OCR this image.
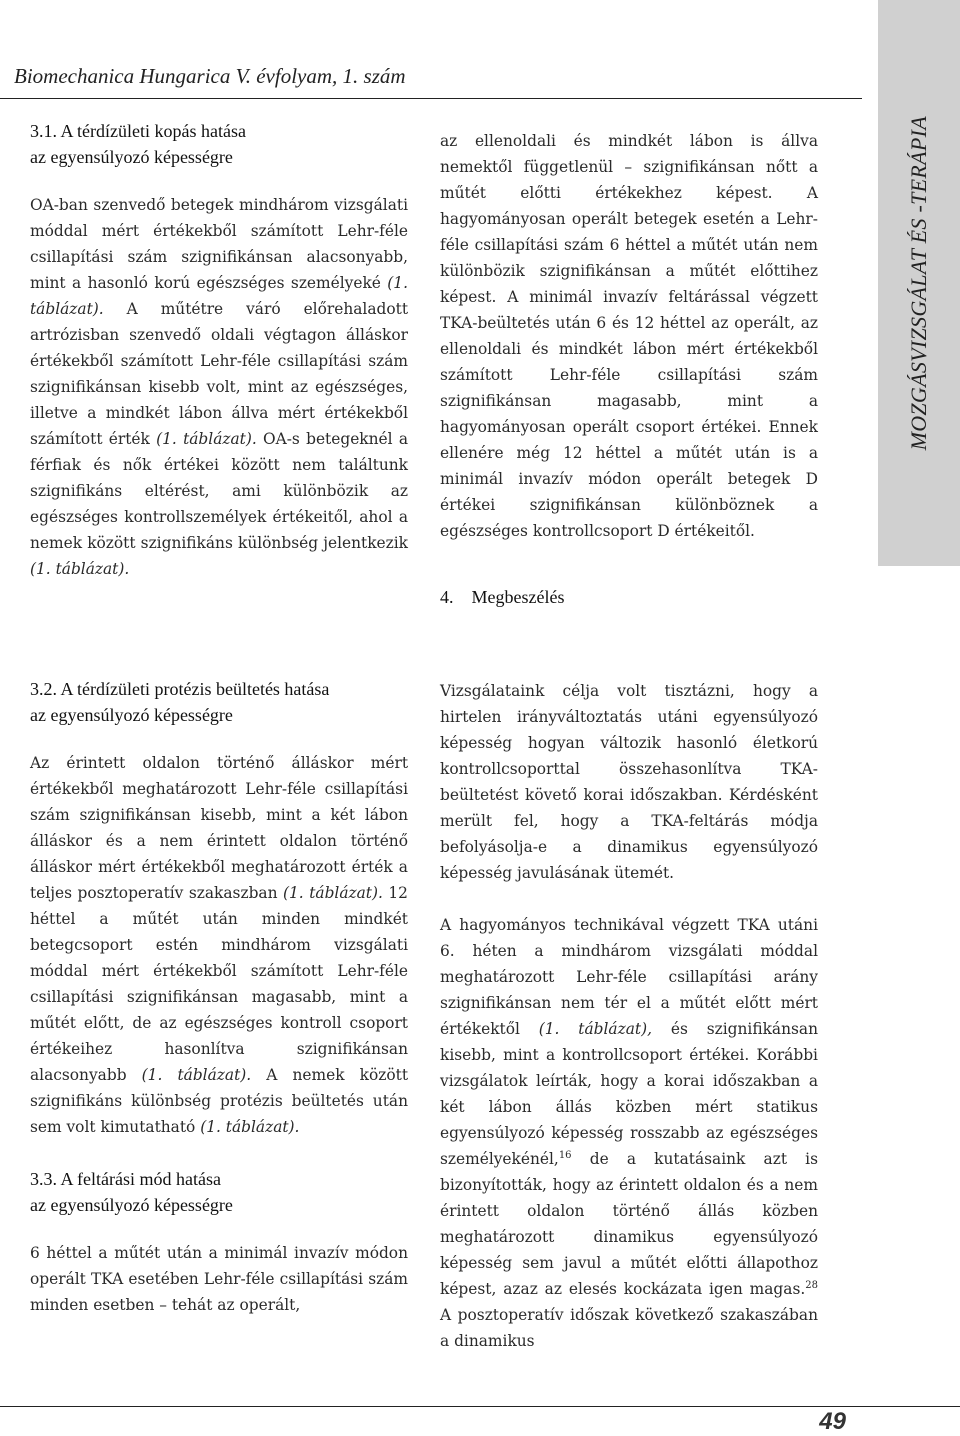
Biomechanica Hungarica V. évfolyam, 1. szám
MOZGÁSVIZSGÁLAT ÉS -TERÁPIA
3.1. A térdízületi kopás hatása
az egyensúlyozó képességre

OA-ban szenvedő betegek mindhárom vizsgálati móddal mért értékekből számított Lehr-féle csillapítási szám szignifikánsan alacsonyabb, mint a hasonló korú egészséges személyeké (1. táblázat). A műtétre váró előrehaladott artrózisban szenvedő oldali végtagon álláskor értékekből számított Lehr-féle csillapítási szám szignifikánsan kisebb volt, mint az egészséges, illetve a mindkét lábon állva mért értékekből számított érték (1. táblázat). OA-s betegeknél a férfiak és nők értékei között nem találtunk szignifikáns eltérést, ami különbözik az egészséges kontrollszemélyek értékeitől, ahol a nemek között szignifikáns különbség jelentkezik (1. táblázat).

3.2. A térdízületi protézis beültetés hatása
az egyensúlyozó képességre

Az érintett oldalon történő álláskor mért értékekből meghatározott Lehr-féle csillapítási szám szignifikánsan kisebb, mint a két lábon álláskor és a nem érintett oldalon történő álláskor mért értékekből meghatározott érték a teljes posztoperatív szakaszban (1. táblázat). 12 héttel a műtét után minden mindkét betegcsoport estén mindhárom vizsgálati móddal mért értékekből számított Lehr-féle csillapítási szignifikánsan magasabb, mint a műtét előtt, de az egészséges kontroll csoport értékeihez hasonlítva szignifikánsan alacsonyabb (1. táblázat). A nemek között szignifikáns különbség protézis beültetés után sem volt kimutatható (1. táblázat).

3.3. A feltárási mód hatása
az egyensúlyozó képességre

6 héttel a műtét után a minimál invazív módon operált TKA esetében Lehr-féle csillapítási szám minden esetben – tehát az operált,

az ellenoldali és mindkét lábon is állva nemektől függetlenül – szignifikánsan nőtt a műtét előtti értékekhez képest. A hagyományosan operált betegek esetén a Lehr-féle csillapítási szám 6 héttel a műtét után nem különbözik szignifikánsan a műtét előttihez képest. A minimál invazív feltárással végzett TKA-beültetés után 6 és 12 héttel az operált, az ellenoldali és mindkét lábon mért értékekből számított Lehr-féle csillapítási szám szignifikánsan magasabb, mint a hagyományosan operált csoport értékei. Ennek ellenére még 12 héttel a műtét után is a minimál invazív módon operált betegek D értékei szignifikánsan különböznek a egészséges kontrollcsoport D értékeitől.

4.    Megbeszélés

Vizsgálataink célja volt tisztázni, hogy a hirtelen irányváltoztatás utáni egyensúlyozó képesség hogyan változik hasonló életkorú kontrollcsoporttal összehasonlítva TKA-beültetést követő korai időszakban. Kérdésként merült fel, hogy a TKA-feltárás módja befolyásolja-e a dinamikus egyensúlyozó képesség javulásának ütemét.

A hagyományos technikával végzett TKA utáni 6. héten a mindhárom vizsgálati móddal meghatározott Lehr-féle csillapítási arány szignifikánsan nem tér el a műtét előtt mért értékektől (1. táblázat), és szignifikánsan kisebb, mint a kontrollcsoport értékei. Korábbi vizsgálatok leírták, hogy a korai időszakban a két lábon állás közben mért statikus egyensúlyozó képesség rosszabb az egészséges személyekénél,$^{16}$ de a kutatásaink azt is bizonyították, hogy az érintett oldalon és a nem érintett oldalon történő állás közben meghatározott dinamikus egyensúlyozó képesség sem javul a műtét előtti állapothoz képest, azaz az elesés kockázata igen magas.$^{28}$ A posztoperatív időszak következő szakaszában a dinamikus

49
